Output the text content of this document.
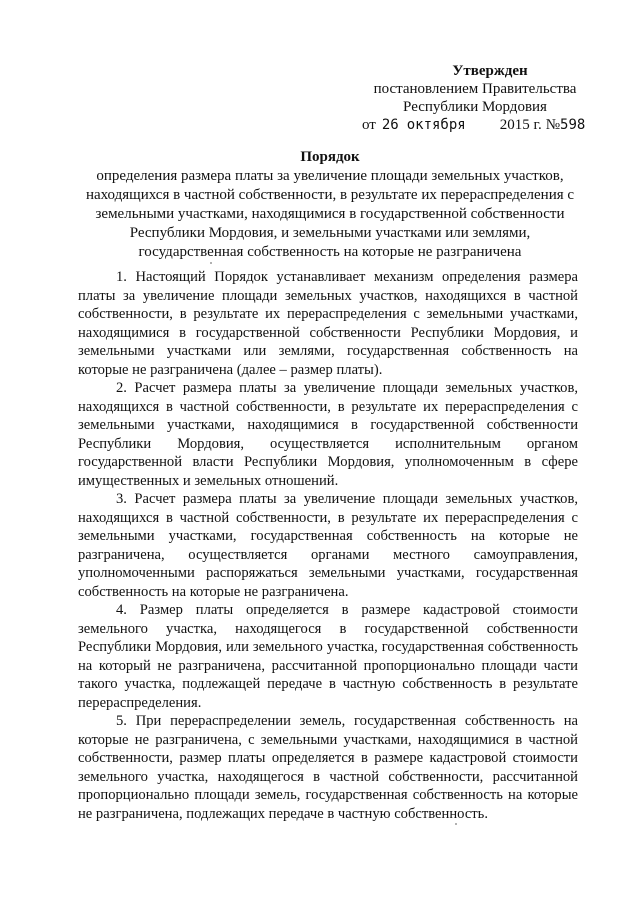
Утвержден
постановлением Правительства
Республики Мордовия
от 26 октября 2015 г. № 598
Порядок
определения размера платы за увеличение площади земельных участков, находящихся в частной собственности, в результате их перераспределения с земельными участками, находящимися в государственной собственности Республики Мордовия, и земельными участками или землями, государственная собственность на которые не разграничена

1. Настоящий Порядок устанавливает механизм определения размера платы за увеличение площади земельных участков, находящихся в частной собственности, в результате их перераспределения с земельными участками, находящимися в государственной собственности Республики Мордовия, и земельными участками или землями, государственная собственность на которые не разграничена (далее – размер платы).

2. Расчет размера платы за увеличение площади земельных участков, находящихся в частной собственности, в результате их перераспределения с земельными участками, находящимися в государственной собственности Республики Мордовия, осуществляется исполнительным органом государственной власти Республики Мордовия, уполномоченным в сфере имущественных и земельных отношений.

3. Расчет размера платы за увеличение площади земельных участков, находящихся в частной собственности, в результате их перераспределения с земельными участками, государственная собственность на которые не разграничена, осуществляется органами местного самоуправления, уполномоченными распоряжаться земельными участками, государственная собственность на которые не разграничена.

4. Размер платы определяется в размере кадастровой стоимости земельного участка, находящегося в государственной собственности Республики Мордовия, или земельного участка, государственная собственность на который не разграничена, рассчитанной пропорционально площади части такого участка, подлежащей передаче в частную собственность в результате перераспределения.

5. При перераспределении земель, государственная собственность на которые не разграничена, с земельными участками, находящимися в частной собственности, размер платы определяется в размере кадастровой стоимости земельного участка, находящегося в частной собственности, рассчитанной пропорционально площади земель, государственная собственность на которые не разграничена, подлежащих передаче в частную собственность.
